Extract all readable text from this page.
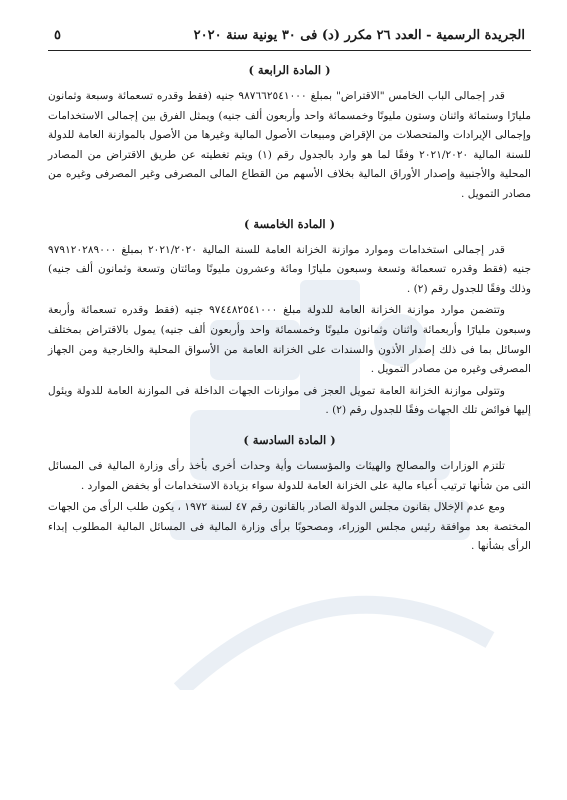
الجريدة الرسمية - العدد ٢٦ مكرر (د) فى ٣٠ يونية سنة ٢٠٢٠
٥
( المادة الرابعة )

قدر إجمالى الباب الخامس "الاقتراض" بمبلغ ٩٨٧٦٦٢٥٤١٠٠٠ جنيه (فقط وقدره تسعمائة وسبعة وثمانون مليارًا وستمائة واثنان وستون مليونًا وخمسمائة واحد وأربعون ألف جنيه) ويمثل الفرق بين إجمالى الاستخدامات وإجمالى الإيرادات والمتحصلات من الإقراض ومبيعات الأصول المالية وغيرها من الأصول بالموازنة العامة للدولة للسنة المالية ٢٠٢١/٢٠٢٠ وفقًا لما هو وارد بالجدول رقم (١) ويتم تغطيته عن طريق الاقتراض من المصادر المحلية والأجنبية وإصدار الأوراق المالية بخلاف الأسهم من القطاع المالى المصرفى وغير المصرفى وغيره من مصادر التمويل .

( المادة الخامسة )

قدر إجمالى استخدامات وموارد موازنة الخزانة العامة للسنة المالية ٢٠٢١/٢٠٢٠ بمبلغ ٩٧٩١٢٠٢٨٩٠٠٠ جنيه (فقط وقدره تسعمائة وتسعة وسبعون مليارًا ومائة وعشرون مليونًا ومائتان وتسعة وثمانون ألف جنيه) وذلك وفقًا للجدول رقم (٢) .

وتتضمن موارد موازنة الخزانة العامة للدولة مبلغ ٩٧٤٤٨٢٥٤١٠٠٠ جنيه (فقط وقدره تسعمائة وأربعة وسبعون مليارًا وأربعمائة واثنان وثمانون مليونًا وخمسمائة واحد وأربعون ألف جنيه) يمول بالاقتراض بمختلف الوسائل بما فى ذلك إصدار الأذون والسندات على الخزانة العامة من الأسواق المحلية والخارجية ومن الجهاز المصرفى وغيره من مصادر التمويل .

وتتولى موازنة الخزانة العامة تمويل العجز فى موازنات الجهات الداخلة فى الموازنة العامة للدولة ويئول إليها فوائض تلك الجهات وفقًا للجدول رقم (٢) .

( المادة السادسة )

تلتزم الوزارات والمصالح والهيئات والمؤسسات وأية وحدات أخرى بأخذ رأى وزارة المالية فى المسائل التى من شأنها ترتيب أعباء مالية على الخزانة العامة للدولة سواء بزيادة الاستخدامات أو بخفض الموارد .

ومع عدم الإخلال بقانون مجلس الدولة الصادر بالقانون رقم ٤٧ لسنة ١٩٧٢ ، يكون طلب الرأى من الجهات المختصة بعد موافقة رئيس مجلس الوزراء، ومصحوبًا برأى وزارة المالية فى المسائل المالية المطلوب إبداء الرأى بشأنها .
